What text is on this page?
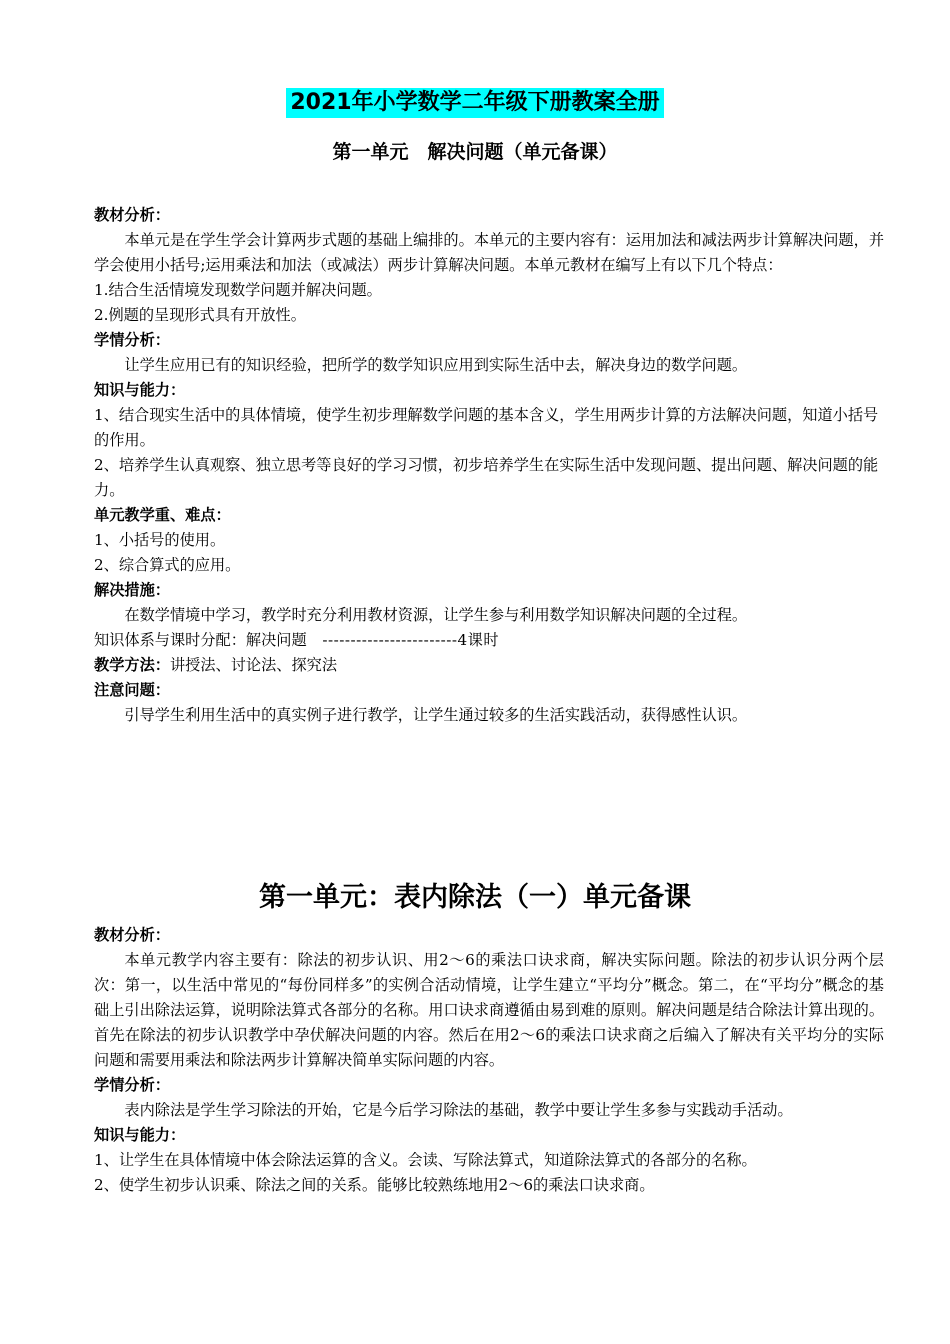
2021年小学数学二年级下册教案全册
第一单元　解决问题（单元备课）

教材分析：

本单元是在学生学会计算两步式题的基础上编排的。本单元的主要内容有：运用加法和减法两步计算解决问题，并学会使用小括号;运用乘法和加法（或减法）两步计算解决问题。本单元教材在编写上有以下几个特点：

1.结合生活情境发现数学问题并解决问题。

2.例题的呈现形式具有开放性。

学情分析：

让学生应用已有的知识经验，把所学的数学知识应用到实际生活中去，解决身边的数学问题。

知识与能力：

1、结合现实生活中的具体情境，使学生初步理解数学问题的基本含义，学生用两步计算的方法解决问题，知道小括号的作用。

2、培养学生认真观察、独立思考等良好的学习习惯，初步培养学生在实际生活中发现问题、提出问题、解决问题的能力。

单元教学重、难点：

1、小括号的使用。

2、综合算式的应用。

解决措施：

在数学情境中学习，教学时充分利用教材资源，让学生参与利用数学知识解决问题的全过程。

知识体系与课时分配：解决问题　------------------------4课时

教学方法：讲授法、讨论法、探究法

注意问题：

引导学生利用生活中的真实例子进行教学，让学生通过较多的生活实践活动，获得感性认识。

第一单元：表内除法（一）单元备课

教材分析：

本单元教学内容主要有：除法的初步认识、用2～6的乘法口诀求商，解决实际问题。除法的初步认识分两个层次：第一，以生活中常见的“每份同样多”的实例合活动情境，让学生建立“平均分”概念。第二，在“平均分”概念的基础上引出除法运算，说明除法算式各部分的名称。用口诀求商遵循由易到难的原则。解决问题是结合除法计算出现的。首先在除法的初步认识教学中孕伏解决问题的内容。然后在用2～6的乘法口诀求商之后编入了解决有关平均分的实际问题和需要用乘法和除法两步计算解决简单实际问题的内容。

学情分析：

表内除法是学生学习除法的开始，它是今后学习除法的基础，教学中要让学生多参与实践动手活动。

知识与能力：

1、让学生在具体情境中体会除法运算的含义。会读、写除法算式，知道除法算式的各部分的名称。

2、使学生初步认识乘、除法之间的关系。能够比较熟练地用2～6的乘法口诀求商。
